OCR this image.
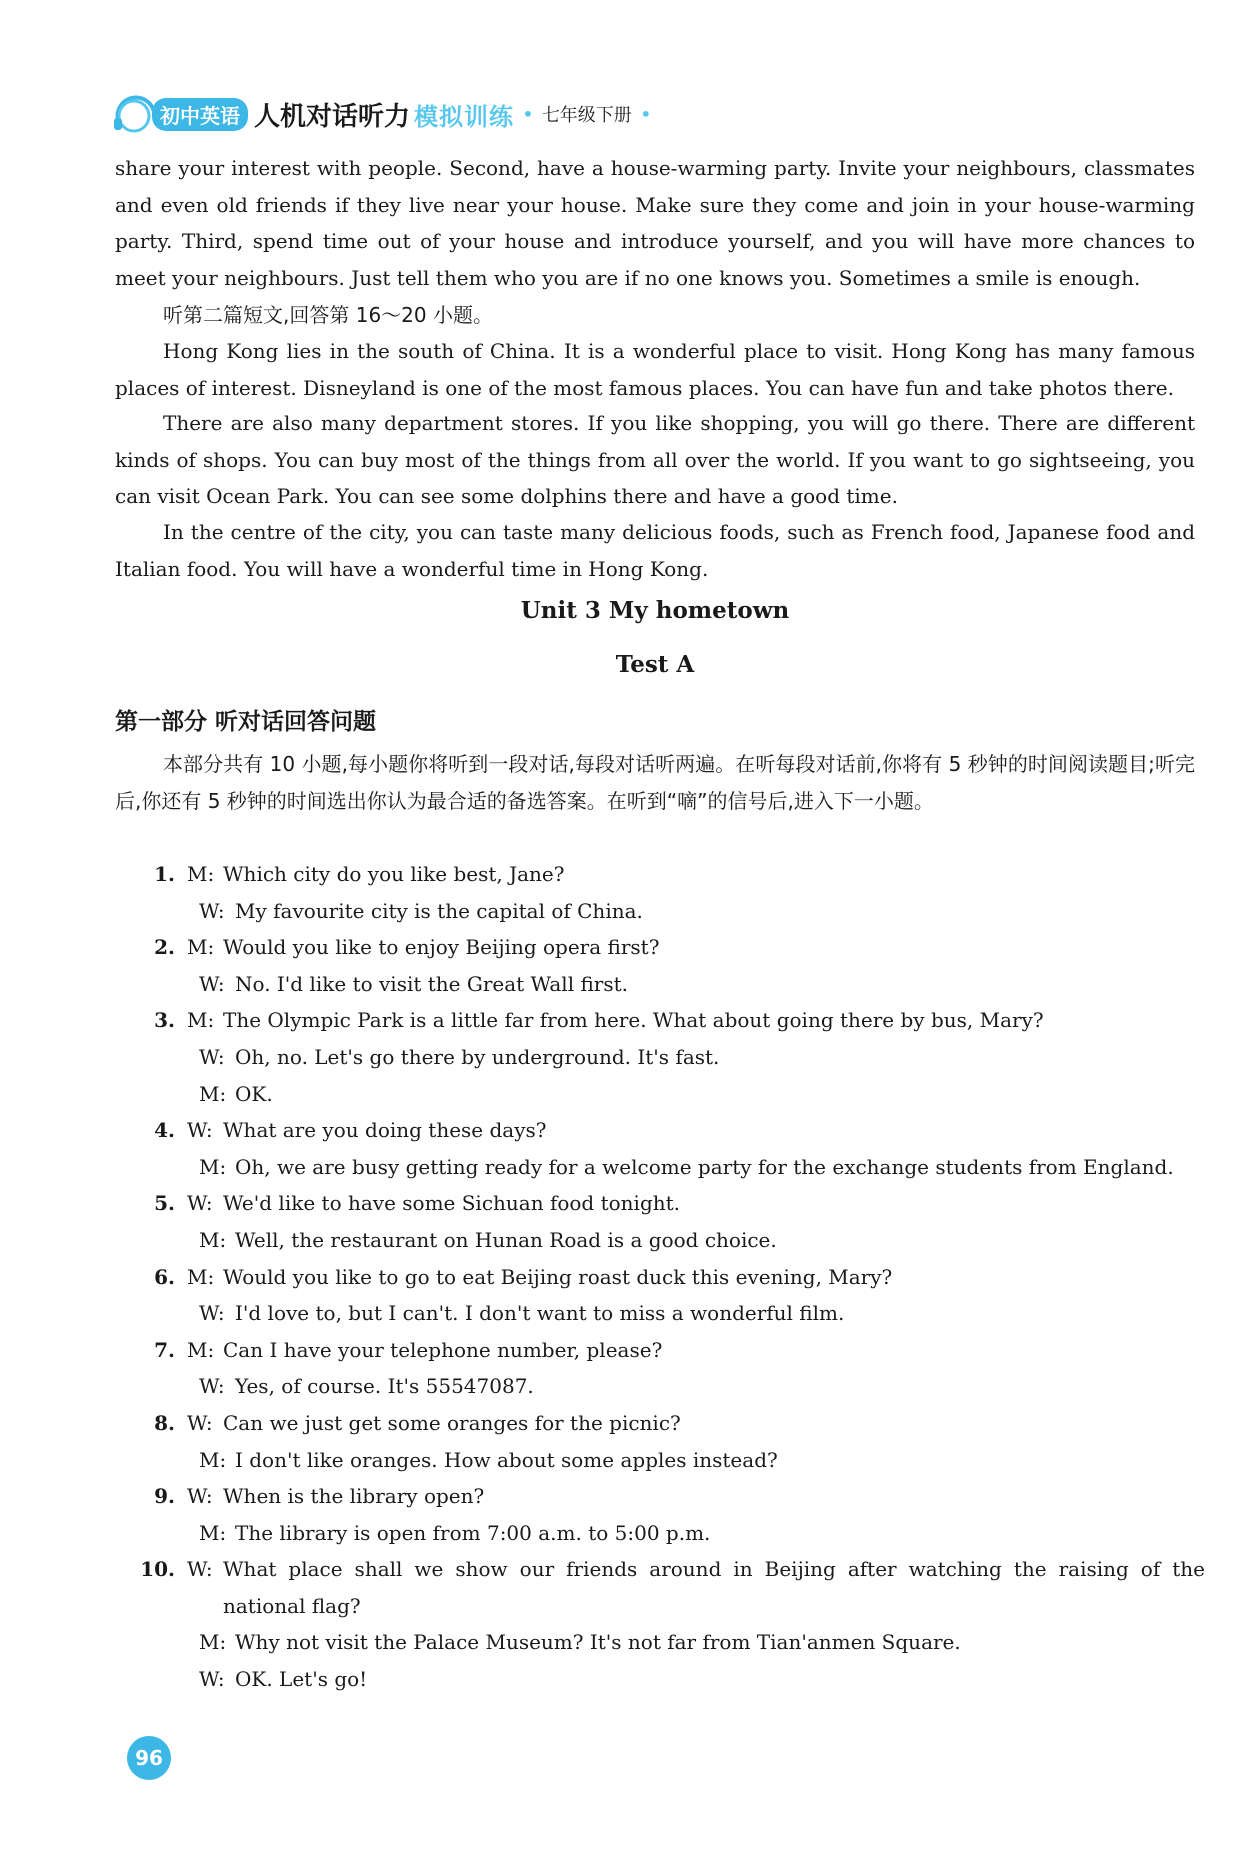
初中英语 人机对话听力 模拟训练 • 七年级下册 •

share your interest with people. Second, have a house-warming party. Invite your neighbours, classmates and even old friends if they live near your house. Make sure they come and join in your house-warming party. Third, spend time out of your house and introduce yourself, and you will have more chances to meet your neighbours. Just tell them who you are if no one knows you. Sometimes a smile is enough.

听第二篇短文,回答第 16～20 小题。

Hong Kong lies in the south of China. It is a wonderful place to visit. Hong Kong has many famous places of interest. Disneyland is one of the most famous places. You can have fun and take photos there.

There are also many department stores. If you like shopping, you will go there. There are different kinds of shops. You can buy most of the things from all over the world. If you want to go sightseeing, you can visit Ocean Park. You can see some dolphins there and have a good time.

In the centre of the city, you can taste many delicious foods, such as French food, Japanese food and Italian food. You will have a wonderful time in Hong Kong.

Unit 3 My hometown
Test A
第一部分 听对话回答问题

本部分共有 10 小题,每小题你将听到一段对话,每段对话听两遍。在听每段对话前,你将有 5 秒钟的时间阅读题目;听完后,你还有 5 秒钟的时间选出你认为最合适的备选答案。在听到“嘀”的信号后,进入下一小题。

1. M: Which city do you like best, Jane?
W: My favourite city is the capital of China.
2. M: Would you like to enjoy Beijing opera first?
W: No. I'd like to visit the Great Wall first.
3. M: The Olympic Park is a little far from here. What about going there by bus, Mary?
W: Oh, no. Let's go there by underground. It's fast.
M: OK.
4. W: What are you doing these days?
M: Oh, we are busy getting ready for a welcome party for the exchange students from England.
5. W: We'd like to have some Sichuan food tonight.
M: Well, the restaurant on Hunan Road is a good choice.
6. M: Would you like to go to eat Beijing roast duck this evening, Mary?
W: I'd love to, but I can't. I don't want to miss a wonderful film.
7. M: Can I have your telephone number, please?
W: Yes, of course. It's 55547087.
8. W: Can we just get some oranges for the picnic?
M: I don't like oranges. How about some apples instead?
9. W: When is the library open?
M: The library is open from 7:00 a.m. to 5:00 p.m.
10. W: What place shall we show our friends around in Beijing after watching the raising of the national flag?
M: Why not visit the Palace Museum? It's not far from Tian'anmen Square.
W: OK. Let's go!
96
